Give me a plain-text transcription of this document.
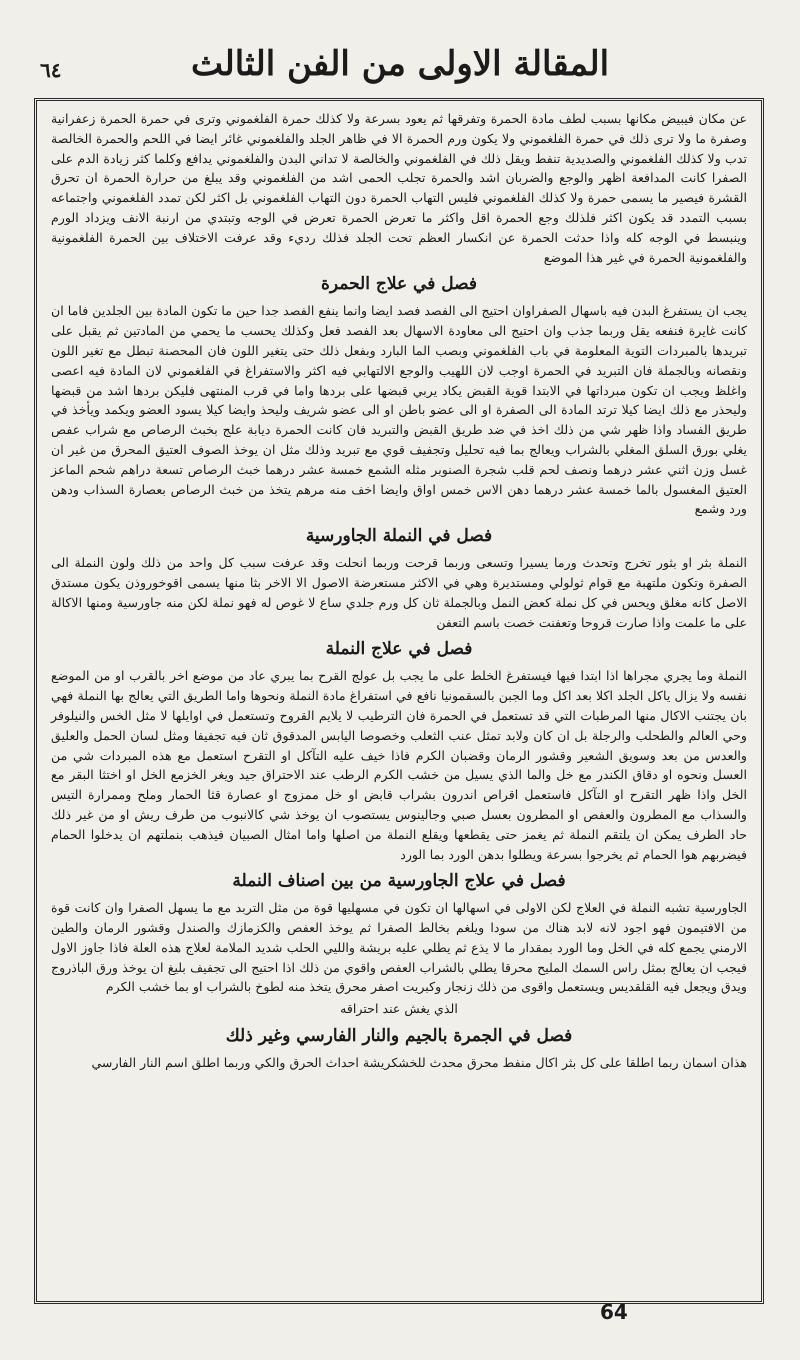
المقالة الاولى من الفن الثالث
٦٤

عن مكان فيبيض مكانها بسبب لطف مادة الحمرة وتفرقها ثم يعود بسرعة ولا كذلك حمرة الفلغموني وترى في حمرة الحمرة زعفرانية وصفرة ما ولا ترى ذلك في حمرة الفلغموني ولا يكون ورم الحمرة الا في ظاهر الجلد والفلغموني غائر ايضا في اللحم والحمرة الخالصة تدب ولا كذلك الفلغموني والصديدية تنفط ويقل ذلك في الفلغموني والخالصة لا تداني البدن والفلغموني يدافع وكلما كثر زيادة الدم على الصفرا كانت المدافعة اظهر والوجع والضربان اشد والحمرة تجلب الحمى اشد من الفلغموني وقد يبلغ من حرارة الحمرة ان تحرق القشرة فيصير ما يسمى حمرة ولا كذلك الفلغموني فليس التهاب الحمرة دون التهاب الفلغموني بل اكثر لكن تمدد الفلغموني واجتماعه بسبب التمدد قد يكون اكثر فلذلك وجع الحمرة اقل واكثر ما تعرض الحمرة تعرض في الوجه وتبتدي من ارنبة الانف ويزداد الورم وينبسط في الوجه كله واذا حدثت الحمرة عن انكسار العظم تحت الجلد فذلك رديء وقد عرفت الاختلاف بين الحمرة الفلغمونية والفلغمونية الحمرة في غير هذا الموضع

فصل في علاج الحمرة

يجب ان يستفرغ البدن فيه باسهال الصفراوان احتيج الى الفصد فصد ايضا وانما ينفع الفصد جدا حين ما تكون المادة بين الجلدين فاما ان كانت غايرة فنفعه يقل وربما جذب وان احتيج الى معاودة الاسهال بعد الفصد فعل وكذلك يحسب ما يحمي من المادتين ثم يقبل على تبريدها بالمبردات التوية المعلومة في باب الفلغموني وبصب الما البارد وبفعل ذلك حتى يتغير اللون فان المحصنة تبطل مع تغير اللون ونقصانه وبالجملة فان التبريد في الحمرة اوجب لان اللهيب والوجع الالتهابي فيه اكثر والاستفراغ في الفلغموني لان المادة فيه اعصى واغلظ ويجب ان تكون مبرداتها في الابتدا قوية القبض يكاد يربي قبضها على بردها واما في قرب المنتهى فليكن بردها اشد من قبضها وليحذر مع ذلك ايضا كيلا ترتد المادة الى الصفرة او الى عضو باطن او الى عضو شريف وليحذ وايضا كيلا يسود العضو ويكمد ويأخذ في طريق الفساد واذا ظهر شي من ذلك اخذ في ضد طريق القبض والتبريد فان كانت الحمرة ديابة علج بخبث الرصاص مع شراب عفص يغلي بورق السلق المغلي بالشراب ويعالج بما فيه تحليل وتجفيف قوي مع تبريد وذلك مثل ان يوخذ الصوف العتيق المحرق من غير ان غسل وزن اثني عشر درهما ونصف لحم قلب شجرة الصنوبر مثله الشمع خمسة عشر درهما خبث الرصاص تسعة دراهم شحم الماعز العتيق المغسول بالما خمسة عشر درهما دهن الاس خمس اواق وايضا اخف منه مرهم يتخذ من خبث الرصاص بعصارة السذاب ودهن ورد وشمع

فصل في النملة الجاورسية

النملة بثر او بثور تخرج وتحدث ورما يسيرا وتسعى وربما قرحت وربما انحلت وقد عرفت سبب كل واحد من ذلك ولون النملة الى الصفرة وتكون ملتهبة مع قوام ثولولي ومستديرة وهي في الاكثر مستعرضة الاصول الا الاخر بثا منها يسمى اقوخوروذن يكون مستدق الاصل كانه مغلق ويحس في كل نملة كعض النمل وبالجملة ثان كل ورم جلدي ساع لا غوص له فهو نملة لكن منه جاورسية ومنها الاكالة على ما علمت واذا صارت قروحا وتعفنت خصت باسم التعفن

فصل في علاج النملة

النملة وما يجري مجراها اذا ابتدا فيها فيستفرغ الخلط على ما يجب بل عولج القرح بما يبري عاد من موضع اخر بالقرب او من الموضع نفسه ولا يزال ياكل الجلد اكلا بعد اكل وما الجبن بالسقمونيا نافع في استفراغ مادة النملة ونحوها واما الطريق التي يعالج بها النملة فهي بان يجتنب الاكال منها المرطبات التي قد تستعمل في الحمرة فان الترطيب لا يلايم القروح وتستعمل في اوايلها لا مثل الخس والنيلوفر وحي العالم والطحلب والرجلة بل ان كان ولابد تمثل عنب الثعلب وخصوصا اليابس المدقوق ثان فيه تجفيفا ومثل لسان الحمل والعليق والعدس من بعد وسويق الشعير وقشور الرمان وقضبان الكرم فاذا خيف عليه التآكل او التقرح استعمل مع هذه المبردات شي من العسل ونحوه او دقاق الكندر مع خل والما الذي يسيل من خشب الكرم الرطب عند الاحتراق جيد ويغر الخزمع الخل او اختثا البقر مع الخل واذا ظهر التقرح او التآكل فاستعمل اقراص اندرون بشراب قابض او خل ممزوج او عصارة قثا الحمار وملح وممرارة التيس والسذاب مع المطرون والعفص او المطرون بعسل صبي وجالينوس يستصوب ان يوخذ شي كالانبوب من طرف ريش او من غير ذلك حاد الطرف يمكن ان يلتقم النملة ثم يغمز حتى يقطعها ويقلع النملة من اصلها واما امثال الصبيان فيذهب بنملتهم ان يدخلوا الحمام فيضربهم هوا الحمام ثم يخرجوا بسرعة ويطلوا بدهن الورد بما الورد

فصل في علاج الجاورسية من بين اصناف النملة

الجاورسية تشبه النملة في العلاج لكن الاولى في اسهالها ان تكون في مسهليها قوة من مثل التربد مع ما يسهل الصفرا وان كانت قوة من الافتيمون فهو اجود لانه لابد هناك من سودا ويلغم بخالط الصفرا ثم يوخذ العفص والكزمازك والصندل وقشور الرمان والطين الارمني يجمع كله في الخل وما الورد بمقدار ما لا يذع ثم يطلي عليه بريشة والليي الحلب شديد الملامة لعلاج هذه العلة فاذا جاوز الاول فيجب ان يعالج بمثل راس السمك المليح محرقا يطلي بالشراب العفص واقوي من ذلك اذا احتيج الى تجفيف بليغ ان يوخذ ورق الباذروج ويدق ويجعل فيه القلقديس ويستعمل واقوى من ذلك زنجار وكبريت اصفر محرق يتخذ منه لطوخ بالشراب او بما خشب الكرم

الذي يغش عند احتراقه

فصل في الجمرة بالجيم والنار الفارسي وغير ذلك

هذان اسمان ربما اطلقا على كل بثر اكال منفط محرق محدث للخشكريشة احداث الحرق والكي وربما اطلق اسم النار الفارسي

64
